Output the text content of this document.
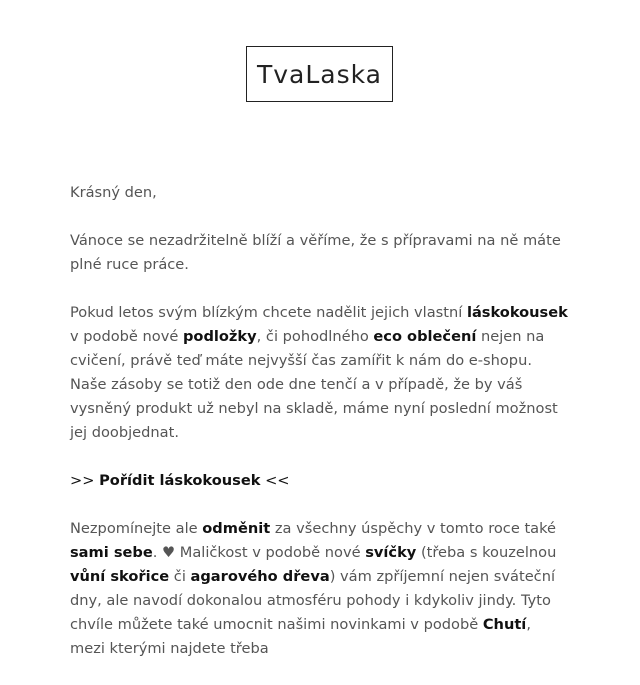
TvaLaska

Krásný den,

Vánoce se nezadržitelně blíží a věříme, že s přípravami na ně máte plné ruce práce.

Pokud letos svým blízkým chcete nadělit jejich vlastní láskokousek v podobě nové podložky, či pohodlného eco oblečení nejen na cvičení, právě teď máte nejvyšší čas zamířit k nám do e-shopu. Naše zásoby se totiž den ode dne tenčí a v případě, že by váš vysněný produkt už nebyl na skladě, máme nyní poslední možnost jej doobjednat.

>> Pořídit láskokousek <<

Nezpomínejte ale odměnit za všechny úspěchy v tomto roce také sami sebe. ♥ Maličkost v podobě nové svíčky (třeba s kouzelnou vůní skořice či agarového dřeva) vám zpříjemní nejen sváteční dny, ale navodí dokonalou atmosféru pohody i kdykoliv jindy. Tyto chvíle můžete také umocnit našimi novinkami v podobě Chutí, mezi kterými najdete třeba
